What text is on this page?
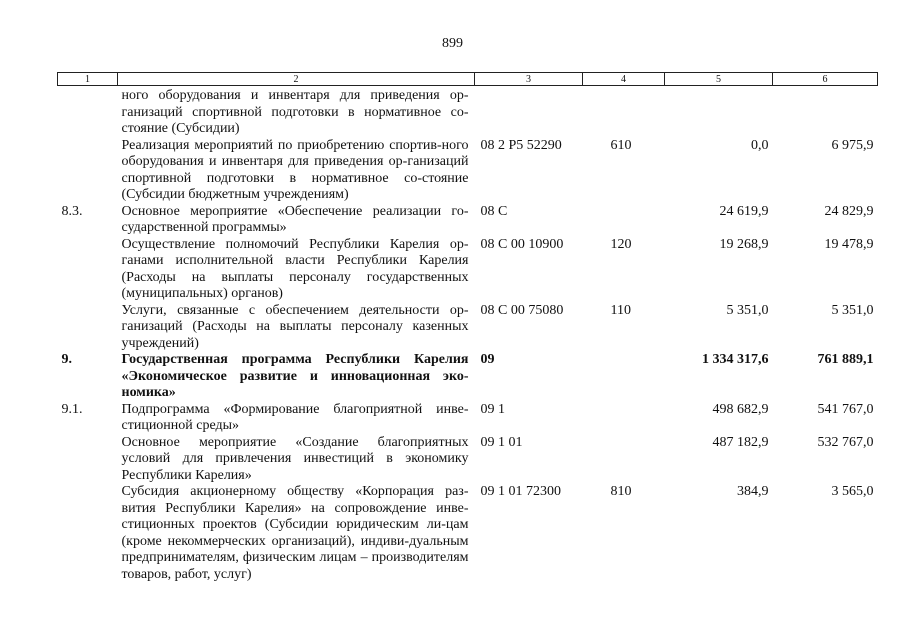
899
1	2	3	4	5	6

	ного оборудования и инвентаря для приведения ор-ганизаций спортивной подготовки в нормативное со-стояние (Субсидии)				
	Реализация мероприятий по приобретению спортив-ного оборудования и инвентаря для приведения ор-ганизаций спортивной подготовки в нормативное со-стояние (Субсидии бюджетным учреждениям)	08 2 P5 52290	610	0,0	6 975,9
8.3.	Основное мероприятие «Обеспечение реализации го-сударственной программы»	08 С		24 619,9	24 829,9
	Осуществление полномочий Республики Карелия ор-ганами исполнительной власти Республики Карелия (Расходы на выплаты персоналу государственных (муниципальных) органов)	08 С 00 10900	120	19 268,9	19 478,9
	Услуги, связанные с обеспечением деятельности ор-ганизаций (Расходы на выплаты персоналу казенных учреждений)	08 С 00 75080	110	5 351,0	5 351,0
9.	Государственная программа Республики Карелия «Экономическое развитие и инновационная эко-номика»	09		1 334 317,6	761 889,1
9.1.	Подпрограмма «Формирование благоприятной инве-стиционной среды»	09 1		498 682,9	541 767,0
	Основное мероприятие «Создание благоприятных условий для привлечения инвестиций в экономику Республики Карелия»	09 1 01		487 182,9	532 767,0
	Субсидия акционерному обществу «Корпорация раз-вития Республики Карелия» на сопровождение инве-стиционных проектов (Субсидии юридическим ли-цам (кроме некоммерческих организаций), индиви-дуальным предпринимателям, физическим лицам – производителям товаров, работ, услуг)	09 1 01 72300	810	384,9	3 565,0
